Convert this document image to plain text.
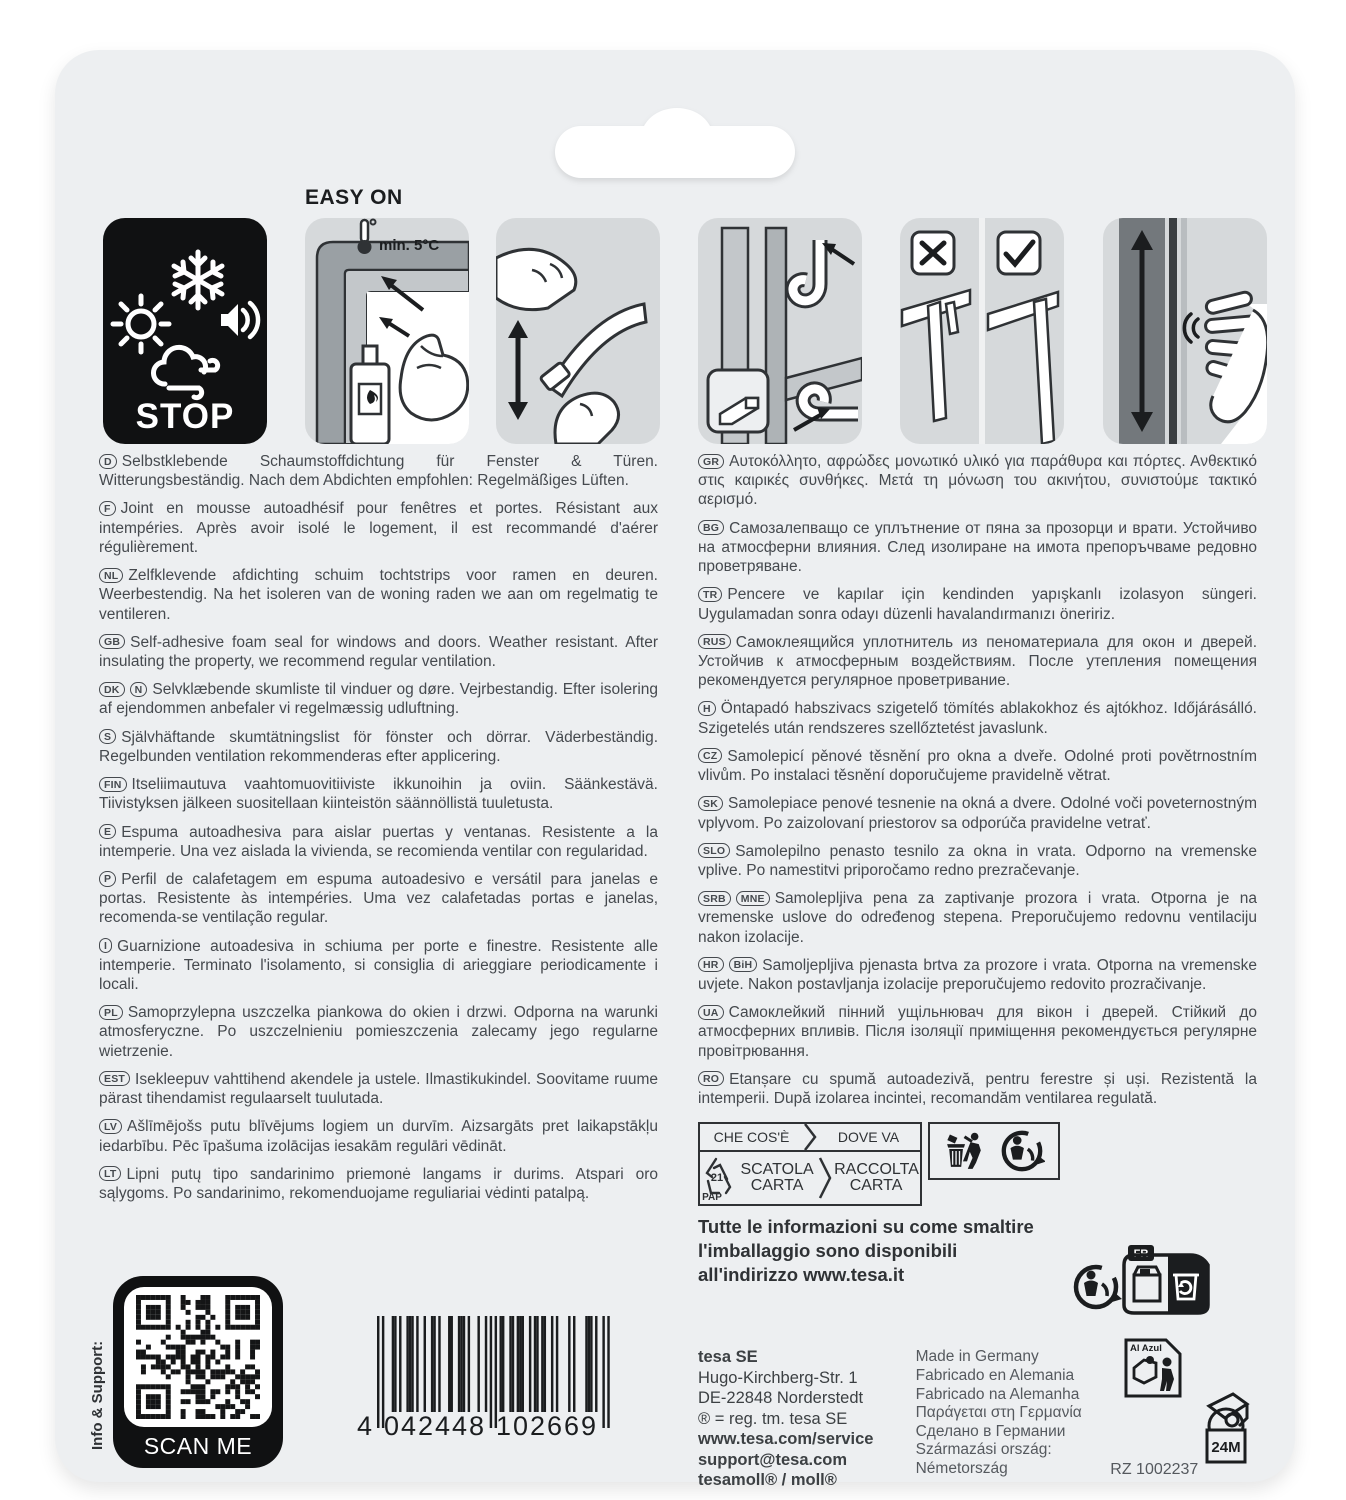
EASY ON
STOP
min. 5°C

D Selbstklebende Schaumstoffdichtung für Fenster & Türen. Witterungsbeständig. Nach dem Abdichten empfohlen: Regelmäßiges Lüften.

F Joint en mousse autoadhésif pour fenêtres et portes. Résistant aux intempéries. Après avoir isolé le logement, il est recommandé d'aérer régulièrement.

NL Zelfklevende afdichting schuim tochtstrips voor ramen en deuren. Weerbestendig. Na het isoleren van de woning raden we aan om regelmatig te ventileren.

GB Self-adhesive foam seal for windows and doors. Weather resistant. After insulating the property, we recommend regular ventilation.

DK N Selvklæbende skumliste til vinduer og døre. Vejrbestandig. Efter isolering af ejendommen anbefaler vi regelmæssig udluftning.

S Självhäftande skumtätningslist för fönster och dörrar. Väderbeständig. Regelbunden ventilation rekommenderas efter applicering.

FIN Itseliimautuva vaahtomuovitiiviste ikkunoihin ja oviin. Säänkestävä. Tiivistyksen jälkeen suositellaan kiinteistön säännöllistä tuuletusta.

E Espuma autoadhesiva para aislar puertas y ventanas. Resistente a la intemperie. Una vez aislada la vivienda, se recomienda ventilar con regularidad.

P Perfil de calafetagem em espuma autoadesivo e versátil para janelas e portas. Resistente às intempéries. Uma vez calafetadas portas e janelas, recomenda-se ventilação regular.

I Guarnizione autoadesiva in schiuma per porte e finestre. Resistente alle intemperie. Terminato l'isolamento, si consiglia di arieggiare periodicamente i locali.

PL Samoprzylepna uszczelka piankowa do okien i drzwi. Odporna na warunki atmosferyczne. Po uszczelnieniu pomieszczenia zalecamy jego regularne wietrzenie.

EST Isekleepuv vahttihend akendele ja ustele. Ilmastikukindel. Soovitame ruume pärast tihendamist regulaarselt tuulutada.

LV Ašlīmējošs putu blīvējums logiem un durvīm. Aizsargāts pret laikapstākļu iedarbību. Pēc īpašuma izolācijas iesakām regulāri vēdināt.

LT Lipni putų tipo sandarinimo priemonė langams ir durims. Atspari oro sąlygoms. Po sandarinimo, rekomenduojame reguliariai vėdinti patalpą.

GR Αυτοκόλλητο, αφρώδες μονωτικό υλικό για παράθυρα και πόρτες. Ανθεκτικό στις καιρικές συνθήκες. Μετά τη μόνωση του ακινήτου, συνιστούμε τακτικό αερισμό.

BG Самозалепващо се уплътнение от пяна за прозорци и врати. Устойчиво на атмосферни влияния. След изолиране на имота препоръчваме редовно проветряване.

TR Pencere ve kapılar için kendinden yapışkanlı izolasyon süngeri. Uygulamadan sonra odayı düzenli havalandırmanızı öneririz.

RUS Самоклеящийся уплотнитель из пеноматериала для окон и дверей. Устойчив к атмосферным воздействиям. После утепления помещения рекомендуется регулярное проветривание.

H Öntapadó habszivacs szigetelő tömítés ablakokhoz és ajtókhoz. Időjárásálló. Szigetelés után rendszeres szellőztetést javaslunk.

CZ Samolepicí pěnové těsnění pro okna a dveře. Odolné proti povětrnostním vlivům. Po instalaci těsnění doporučujeme pravidelně větrat.

SK Samolepiace penové tesnenie na okná a dvere. Odolné voči poveternostným vplyvom. Po zaizolovaní priestorov sa odporúča pravidelne vetrať.

SLO Samolepilno penasto tesnilo za okna in vrata. Odporno na vremenske vplive. Po namestitvi priporočamo redno prezračevanje.

SRB MNE Samolepljiva pena za zaptivanje prozora i vrata. Otporna je na vremenske uslove do određenog stepena. Preporučujemo redovnu ventilaciju nakon izolacije.

HR BiH Samoljepljiva pjenasta brtva za prozore i vrata. Otporna na vremenske uvjete. Nakon postavljanja izolacije preporučujemo redovito prozračivanje.

UA Самоклейкий пінний ущільнювач для вікон і дверей. Стійкий до атмосферних впливів. Після ізоляції приміщення рекомендується регулярне провітрювання.

RO Etanșare cu spumă autoadezivă, pentru ferestre și uși. Rezistentă la intemperii. După izolarea incintei, recomandăm ventilarea regulată.

CHE COS'È	DOVE VA
21
PAP
SCATOLA CARTA
RACCOLTA CARTA
Tutte le informazioni su come smaltire l'imballaggio sono disponibili all'indirizzo www.tesa.it
FR
tesa SE
Hugo-Kirchberg-Str. 1
DE-22848 Norderstedt
® = reg. tm. tesa SE
www.tesa.com/service
support@tesa.com
tesamoll® / moll®
Made in Germany
Fabricado en Alemania
Fabricado na Alemanha
Παράγεται στη Γερμανία
Сделано в Германии
Származási ország:
Németország
Al Azul
24M
RZ 1002237
Info & Support:	SCAN ME
4 042448 102669
